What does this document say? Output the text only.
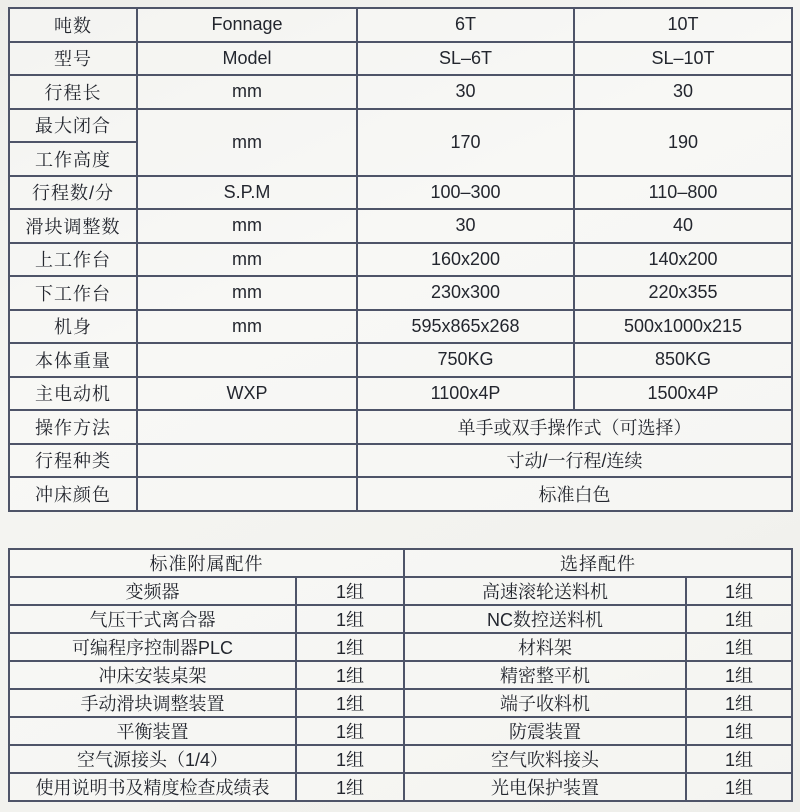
吨数	Fonnage	6T	10T
型号	Model	SL–6T	SL–10T
行程长	mm	30	30
最大闭合	mm	170	190
工作高度			
行程数/分	S.P.M	100–300	110–800
滑块调整数	mm	30	40
上工作台	mm	160x200	140x200
下工作台	mm	230x300	220x355
机身	mm	595x865x268	500x1000x215
本体重量		750KG	850KG
主电动机	WXP	1100x4P	1500x4P
操作方法		单手或双手操作式（可选择）	
行程种类		寸动/一行程/连续	
冲床颜色		标准白色	
标准附属配件		选择配件	
变频器	1组	高速滚轮送料机	1组
气压干式离合器	1组	NC数控送料机	1组
可编程序控制器PLC	1组	材料架	1组
冲床安装桌架	1组	精密整平机	1组
手动滑块调整装置	1组	端子收料机	1组
平衡装置	1组	防震装置	1组
空气源接头（1/4）	1组	空气吹料接头	1组
使用说明书及精度检查成绩表	1组	光电保护装置	1组
